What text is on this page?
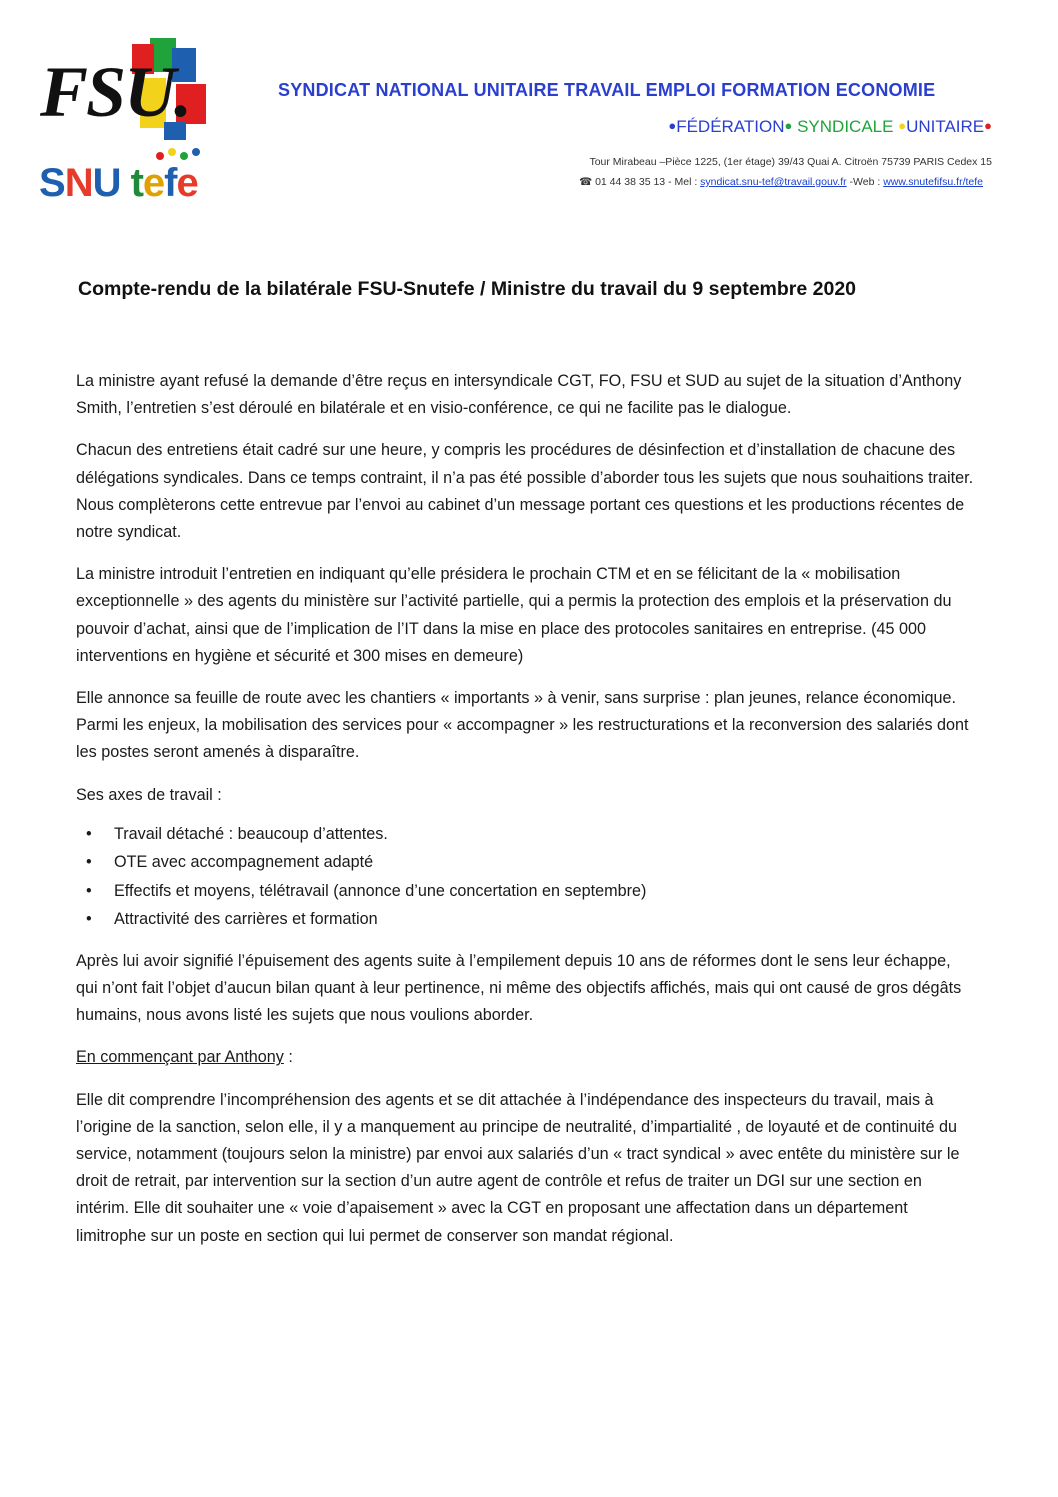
FSU.
SNU tefe
SYNDICAT NATIONAL UNITAIRE TRAVAIL EMPLOI FORMATION ECONOMIE
●FÉDÉRATION● SYNDICALE ●UNITAIRE●
Tour Mirabeau –Pièce 1225, (1er étage) 39/43 Quai A. Citroën 75739 PARIS Cedex 15
☎ 01 44 38 35 13 - Mel : syndicat.snu-tef@travail.gouv.fr -Web : www.snutefifsu.fr/tefe
Compte-rendu de la bilatérale FSU-Snutefe / Ministre du travail du 9 septembre 2020

La ministre ayant refusé la demande d’être reçus en intersyndicale CGT, FO, FSU et SUD au sujet de la situation d’Anthony Smith, l’entretien s’est déroulé en bilatérale et en visio-conférence, ce qui ne facilite pas le dialogue.

Chacun des entretiens était cadré sur une heure, y compris les procédures de désinfection et d’installation de chacune des délégations syndicales. Dans ce temps contraint, il n’a pas été possible d’aborder tous les sujets que nous souhaitions traiter. Nous complèterons cette entrevue par l’envoi au cabinet d’un message portant ces questions et les productions récentes de notre syndicat.

La ministre introduit l’entretien en indiquant qu’elle présidera le prochain CTM et en se félicitant de la « mobilisation exceptionnelle » des agents du ministère sur l’activité partielle, qui a permis la protection des emplois et la préservation du pouvoir d’achat, ainsi que de l’implication de l’IT dans la mise en place des protocoles sanitaires en entreprise. (45 000 interventions en hygiène et sécurité et 300 mises en demeure)

Elle annonce sa feuille de route avec les chantiers « importants » à venir, sans surprise : plan jeunes, relance économique. Parmi les enjeux, la mobilisation des services pour « accompagner » les restructurations et la reconversion des salariés dont les postes seront amenés à disparaître.

Ses axes de travail :

• Travail détaché : beaucoup d’attentes.
• OTE avec accompagnement adapté
• Effectifs et moyens, télétravail (annonce d’une concertation en septembre)
• Attractivité des carrières et formation

Après lui avoir signifié l’épuisement des agents suite à l’empilement depuis 10 ans de réformes dont le sens leur échappe, qui n’ont fait l’objet d’aucun bilan quant à leur pertinence, ni même des objectifs affichés, mais qui ont causé de gros dégâts humains, nous avons listé les sujets que nous voulions aborder.

En commençant par Anthony :

Elle dit comprendre l’incompréhension des agents et se dit attachée à l’indépendance des inspecteurs du travail, mais à l’origine de la sanction, selon elle, il y a manquement au principe de neutralité, d’impartialité , de loyauté et de continuité du service, notamment (toujours selon la ministre) par envoi aux salariés d’un « tract syndical » avec entête du ministère sur le droit de retrait, par intervention sur la section d’un autre agent de contrôle et refus de traiter un DGI sur une section en intérim. Elle dit souhaiter une « voie d’apaisement » avec la CGT en proposant une affectation dans un département limitrophe sur un poste en section qui lui permet de conserver son mandat régional.
